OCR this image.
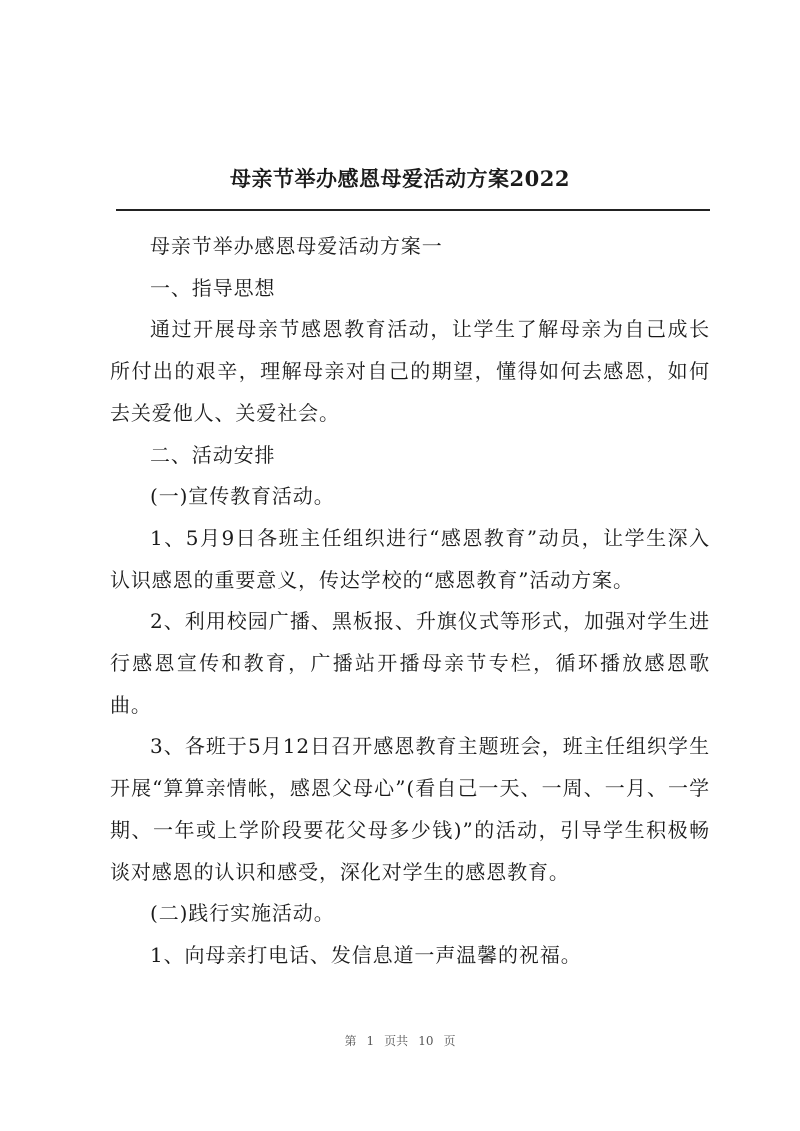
母亲节举办感恩母爱活动方案2022

母亲节举办感恩母爱活动方案一

一、指导思想

通过开展母亲节感恩教育活动，让学生了解母亲为自己成长所付出的艰辛，理解母亲对自己的期望，懂得如何去感恩，如何去关爱他人、关爱社会。

二、活动安排

(一)宣传教育活动。

1、5月9日各班主任组织进行“感恩教育”动员，让学生深入认识感恩的重要意义，传达学校的“感恩教育”活动方案。

2、利用校园广播、黑板报、升旗仪式等形式，加强对学生进行感恩宣传和教育，广播站开播母亲节专栏，循环播放感恩歌曲。

3、各班于5月12日召开感恩教育主题班会，班主任组织学生开展“算算亲情帐，感恩父母心”(看自己一天、一周、一月、一学期、一年或上学阶段要花父母多少钱)”的活动，引导学生积极畅谈对感恩的认识和感受，深化对学生的感恩教育。

(二)践行实施活动。

1、向母亲打电话、发信息道一声温馨的祝福。

第 1 页共 10 页
